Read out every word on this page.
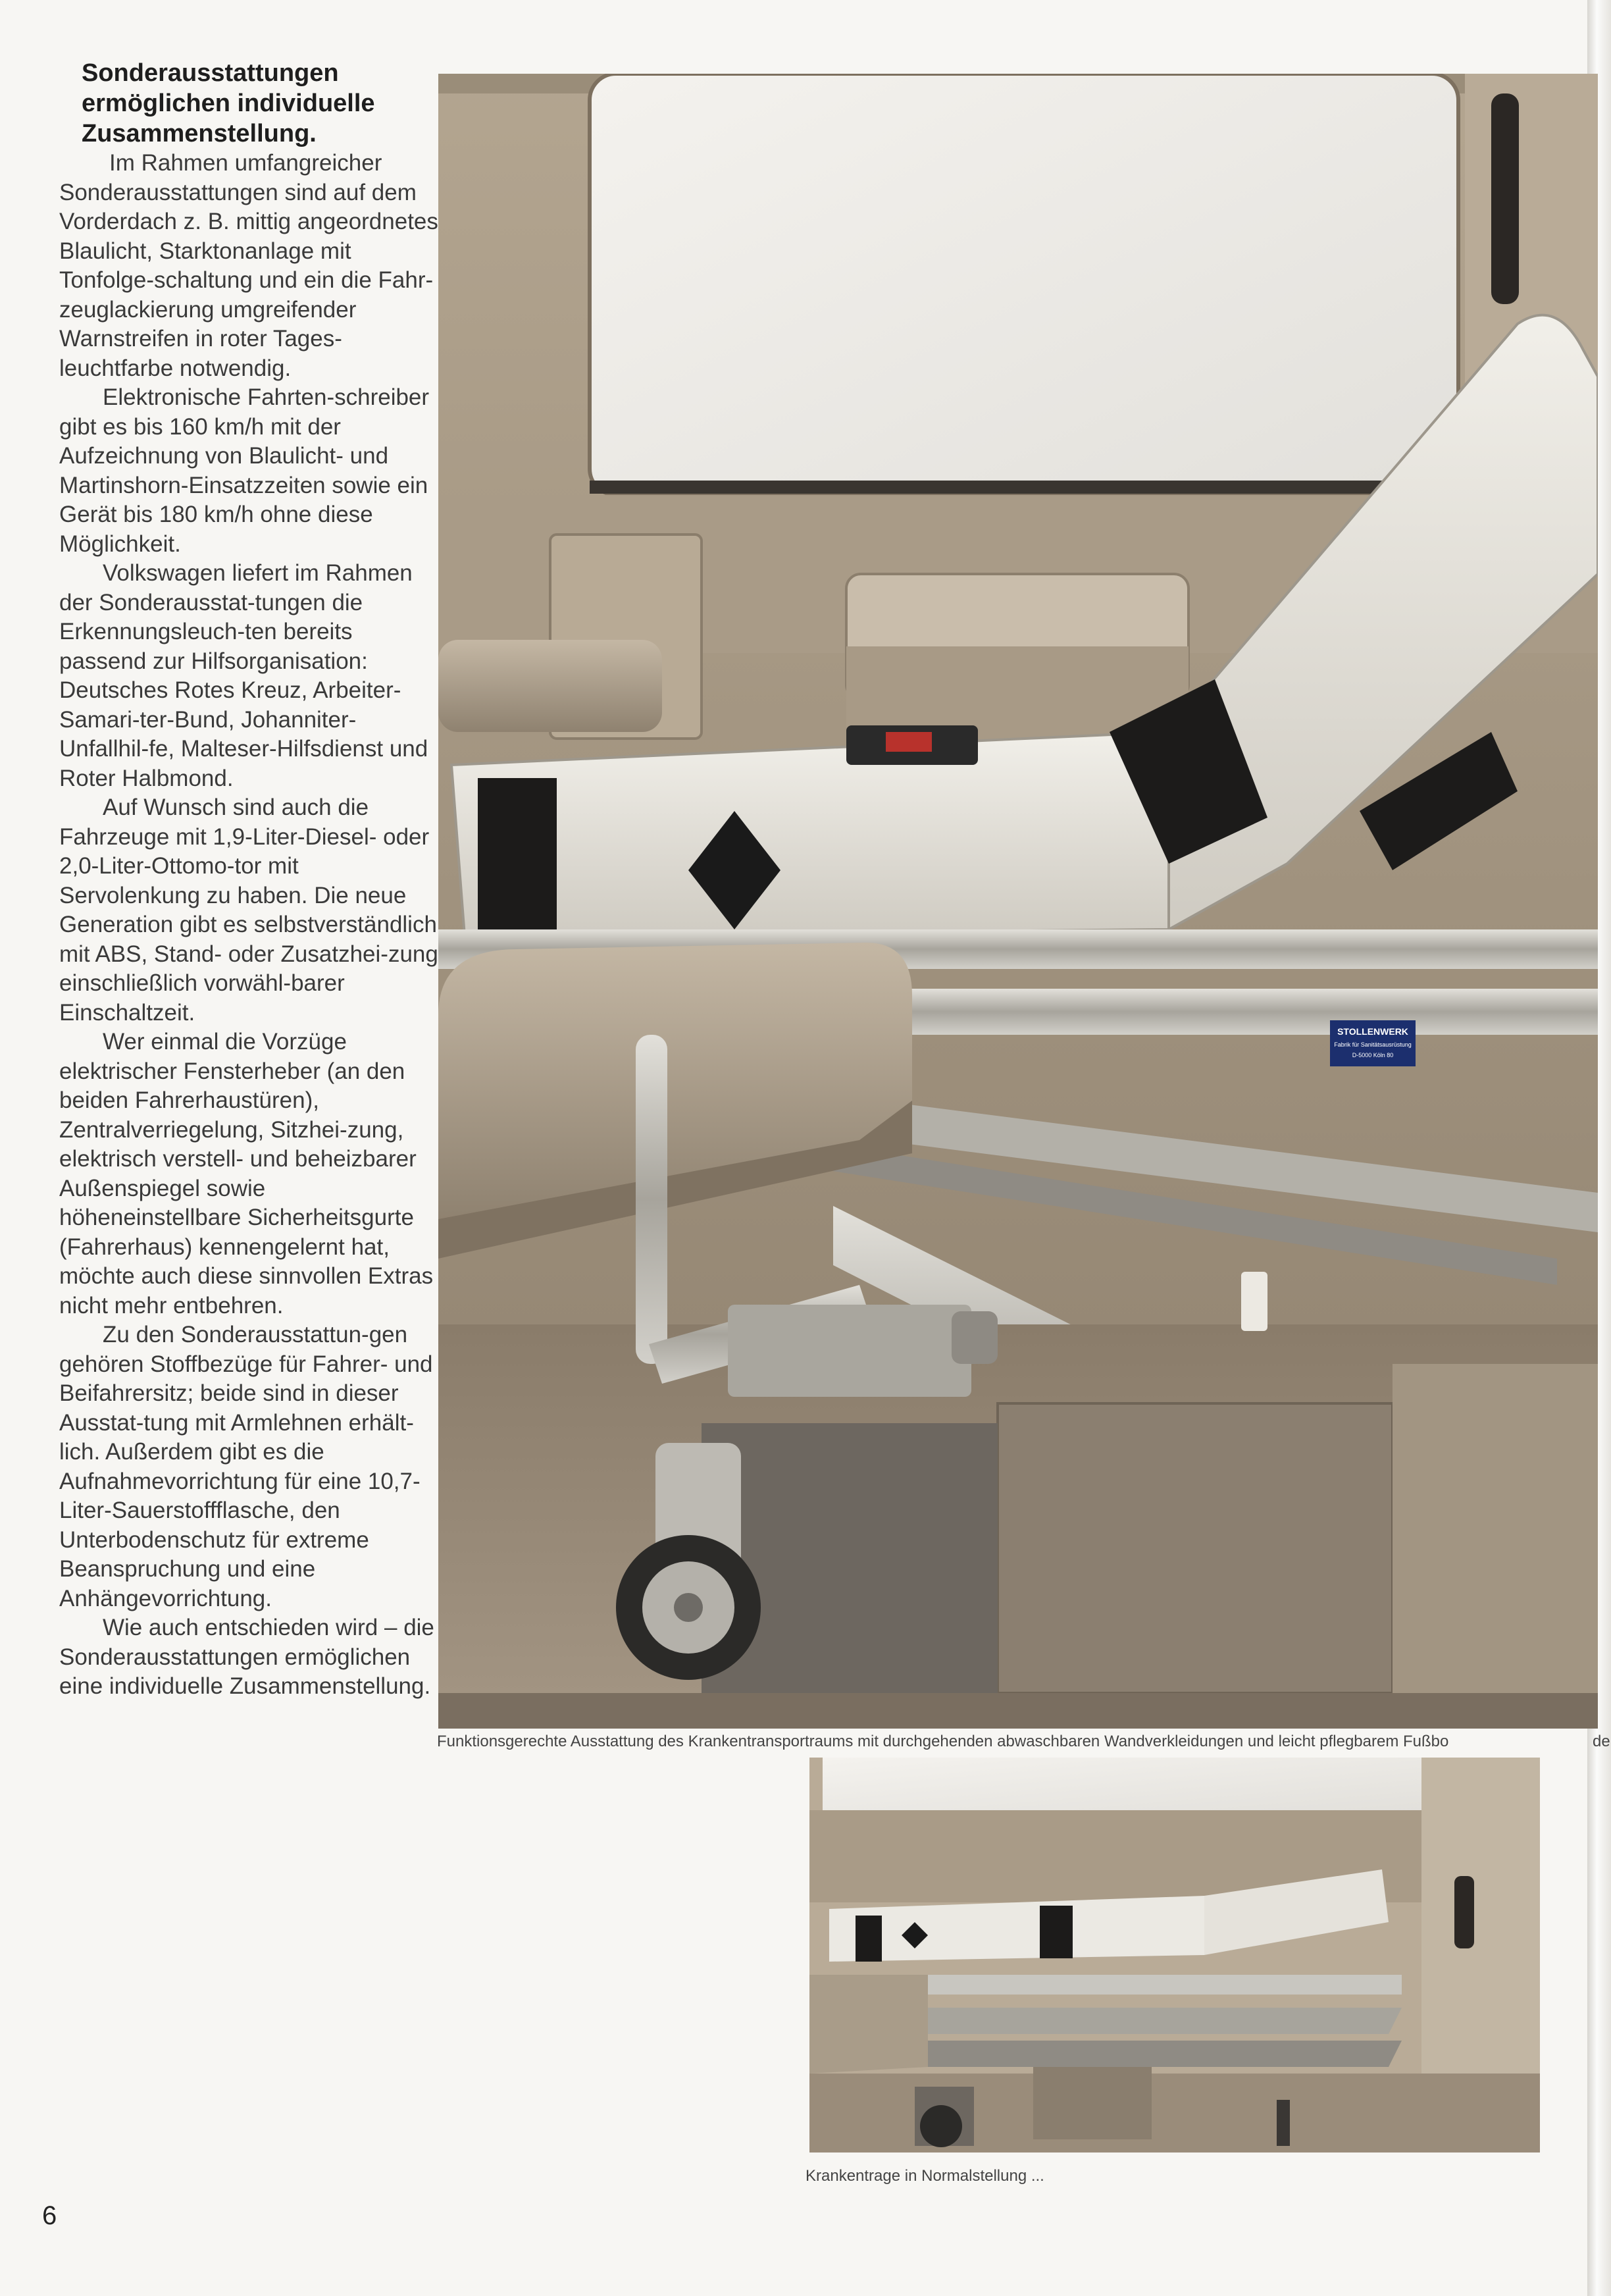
Sonderausstattungen ermöglichen individuelle Zusammenstellung.

Im Rahmen umfangreicher Sonderausstattungen sind auf dem Vorderdach z. B. mittig angeordnetes Blaulicht, Starktonanlage mit Tonfolge-schaltung und ein die Fahr-zeuglackierung umgreifender Warnstreifen in roter Tages-leuchtfarbe notwendig.

Elektronische Fahrten-schreiber gibt es bis 160 km/h mit der Aufzeichnung von Blaulicht- und Martinshorn-Einsatzzeiten sowie ein Gerät bis 180 km/h ohne diese Möglichkeit.

Volkswagen liefert im Rahmen der Sonderausstat-tungen die Erkennungsleuch-ten bereits passend zur Hilfsorganisation: Deutsches Rotes Kreuz, Arbeiter-Samari-ter-Bund, Johanniter-Unfallhil-fe, Malteser-Hilfsdienst und Roter Halbmond.

Auf Wunsch sind auch die Fahrzeuge mit 1,9-Liter-Diesel- oder 2,0-Liter-Ottomo-tor mit Servolenkung zu haben. Die neue Generation gibt es selbstverständlich mit ABS, Stand- oder Zusatzhei-zung einschließlich vorwähl-barer Einschaltzeit.

Wer einmal die Vorzüge elektrischer Fensterheber (an den beiden Fahrerhaustüren), Zentralverriegelung, Sitzhei-zung, elektrisch verstell- und beheizbarer Außenspiegel sowie höheneinstellbare Sicherheitsgurte (Fahrerhaus) kennengelernt hat, möchte auch diese sinnvollen Extras nicht mehr entbehren.

Zu den Sonderausstattun-gen gehören Stoffbezüge für Fahrer- und Beifahrersitz; beide sind in dieser Ausstat-tung mit Armlehnen erhält-lich. Außerdem gibt es die Aufnahmevorrichtung für eine 10,7-Liter-Sauerstoffflasche, den Unterbodenschutz für extreme Beanspruchung und eine Anhängevorrichtung.

Wie auch entschieden wird – die Sonderausstattungen ermöglichen eine individuelle Zusammenstellung.

STOLLENWERK
Fabrik für Sanitätsausrüstung
D-5000 Köln 80
Funktionsgerechte Ausstattung des Krankentransportraums mit durchgehenden abwaschbaren Wandverkleidungen und leicht pflegbarem Fußbo	de
Krankentrage in Normalstellung ...
6
